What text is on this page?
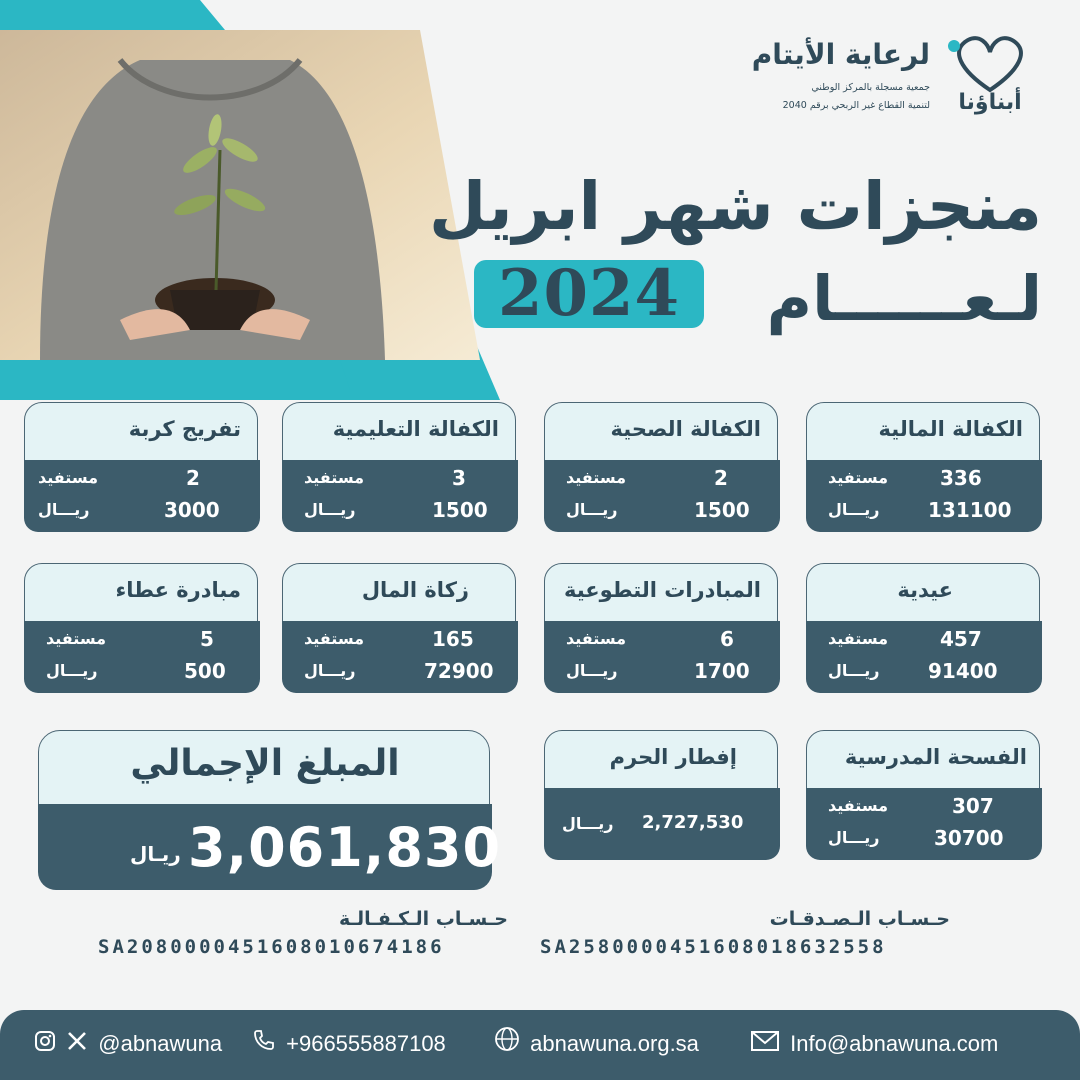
لرعاية الأيتام
جمعية مسجلة بالمركز الوطني
لتنمية القطاع غير الربحي برقم 2040	أبناؤنا
منجزات شهر ابريل
لـعــــــام
2024
الكفالة المالية
336
مستفيد
131100
ريـــال
الكفالة الصحية
2
مستفيد
1500
ريـــال
الكفالة التعليمية
3
مستفيد
1500
ريـــال
تفريج كربة
2
مستفيد
3000
ريـــال
عيدية
457
مستفيد
91400
ريـــال
المبادرات التطوعية
6
مستفيد
1700
ريـــال
زكاة المال
165
مستفيد
72900
ريـــال
مبادرة عطاء
5
مستفيد
500
ريـــال
الفسحة المدرسية
307
مستفيد
30700
ريـــال
إفطار الحرم
2,727,530
ريـــال
المبلغ الإجمالي
3,061,830
ريـال
حـسـاب الـصـدقـات
SA2580000451608018632558
حـسـاب الـكـفـالـة
SA2080000451608010674186
@abnawuna	+966555887108	abnawuna.org.sa	Info@abnawuna.com
